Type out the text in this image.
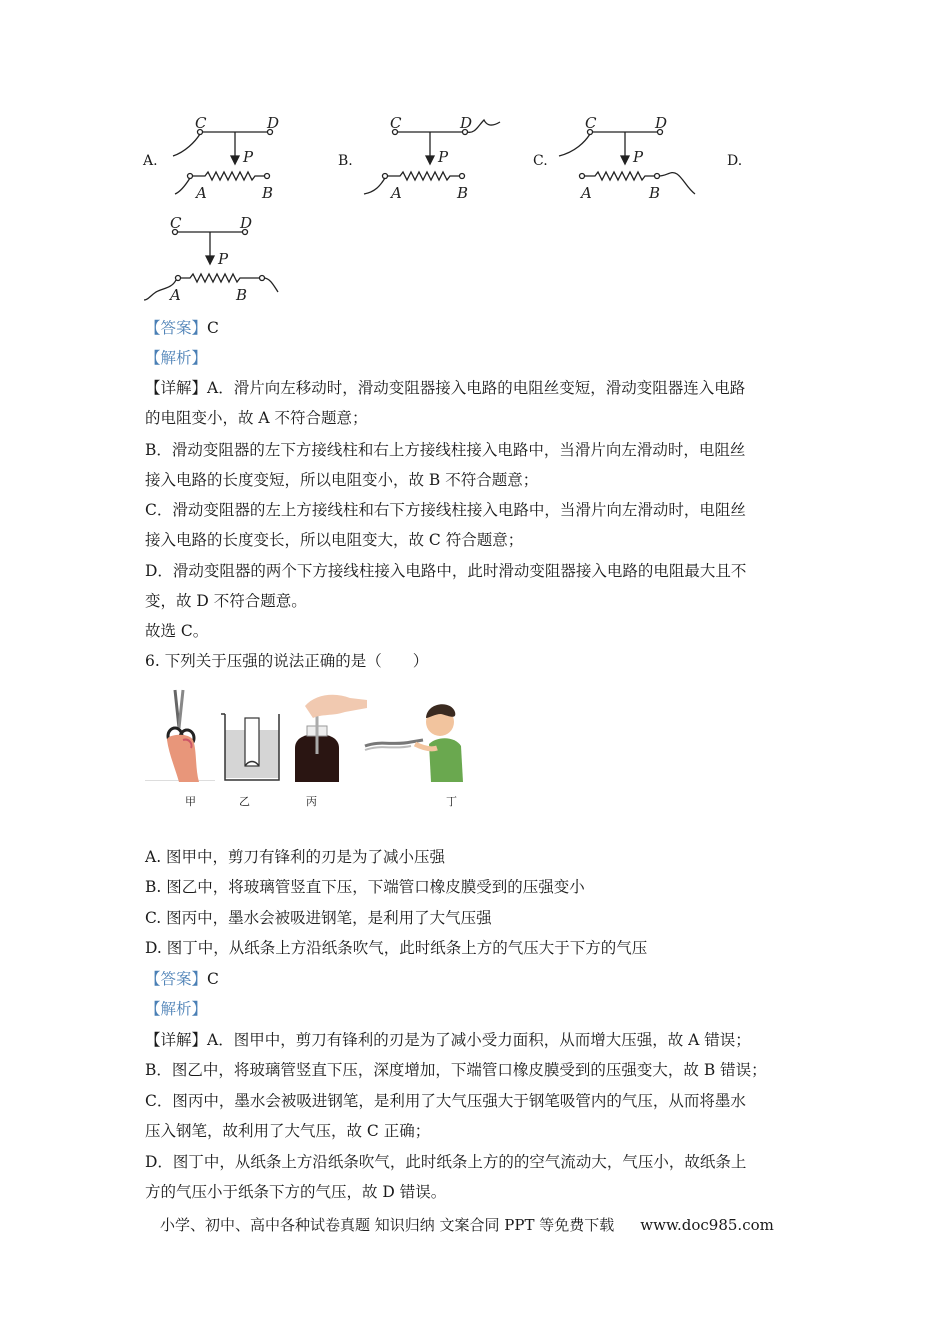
A.	B.	C.	D.
C	D
P
A	B
C	D
P
A	B
C	D
P
A	B
C	D
P
A	B
【答案】C
【解析】
【详解】A．滑片向左移动时，滑动变阻器接入电路的电阻丝变短，滑动变阻器连入电路
的电阻变小，故 A 不符合题意；
B．滑动变阻器的左下方接线柱和右上方接线柱接入电路中，当滑片向左滑动时，电阻丝
接入电路的长度变短，所以电阻变小，故 B 不符合题意；
C．滑动变阻器的左上方接线柱和右下方接线柱接入电路中，当滑片向左滑动时，电阻丝
接入电路的长度变长，所以电阻变大，故 C 符合题意；
D．滑动变阻器的两个下方接线柱接入电路中，此时滑动变阻器接入电路的电阻最大且不
变，故 D 不符合题意。
故选 C。
6. 下列关于压强的说法正确的是（　　）
甲	乙	丙	丁
A. 图甲中，剪刀有锋利的刃是为了减小压强
B. 图乙中，将玻璃管竖直下压，下端管口橡皮膜受到的压强变小
C. 图丙中，墨水会被吸进钢笔，是利用了大气压强
D. 图丁中，从纸条上方沿纸条吹气，此时纸条上方的气压大于下方的气压
【答案】C
【解析】
【详解】A．图甲中，剪刀有锋利的刃是为了减小受力面积，从而增大压强，故 A 错误；
B．图乙中，将玻璃管竖直下压，深度增加，下端管口橡皮膜受到的压强变大，故 B 错误；
C．图丙中，墨水会被吸进钢笔，是利用了大气压强大于钢笔吸管内的气压，从而将墨水
压入钢笔，故利用了大气压，故 C 正确；
D．图丁中，从纸条上方沿纸条吹气，此时纸条上方的的空气流动大，气压小，故纸条上
方的气压小于纸条下方的气压，故 D 错误。
小学、初中、高中各种试卷真题 知识归纳 文案合同 PPT 等免费下载 www.doc985.com
